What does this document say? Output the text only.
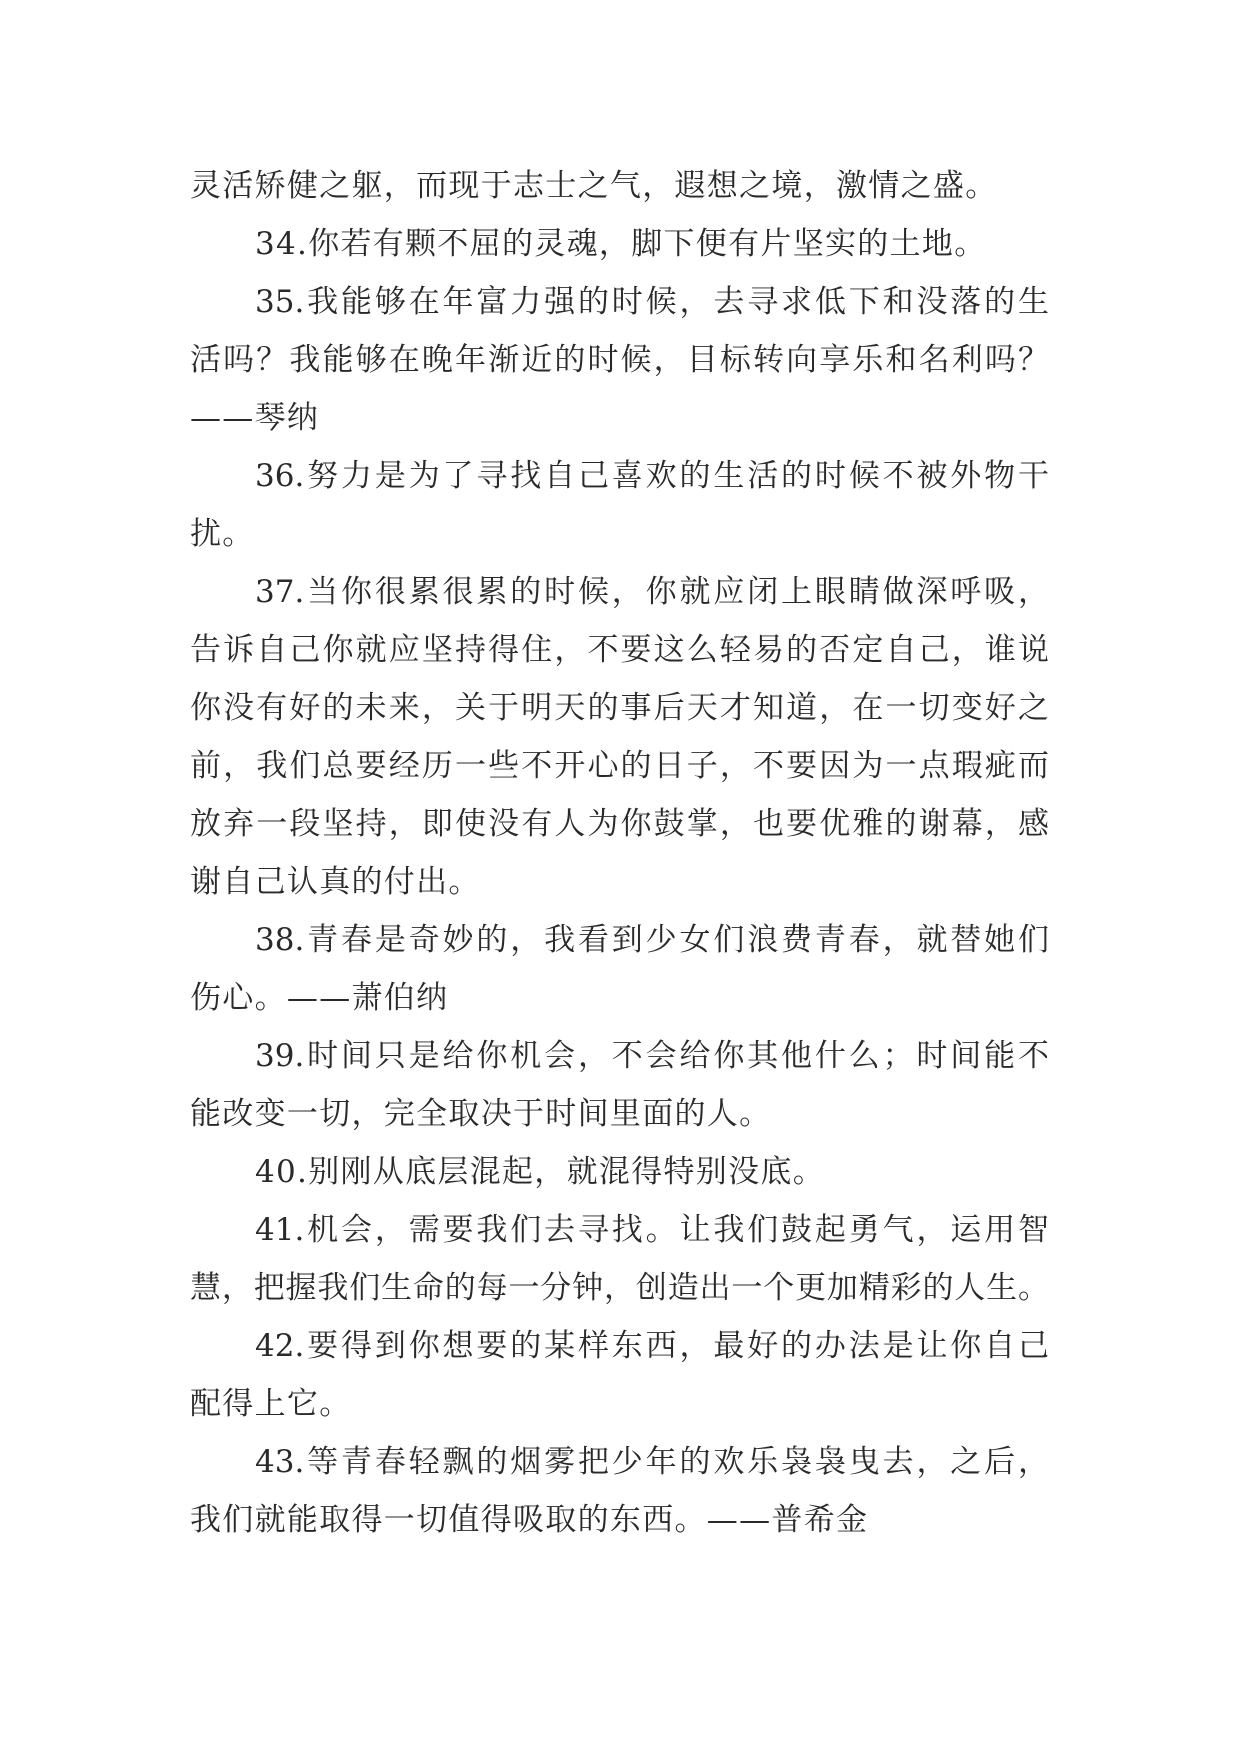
灵活矫健之躯，而现于志士之气，遐想之境，激情之盛。
34.你若有颗不屈的灵魂，脚下便有片坚实的土地。
35.我能够在年富力强的时候，去寻求低下和没落的生
活吗？我能够在晚年渐近的时候，目标转向享乐和名利吗？
——琴纳
36.努力是为了寻找自己喜欢的生活的时候不被外物干
扰。
37.当你很累很累的时候，你就应闭上眼睛做深呼吸，
告诉自己你就应坚持得住，不要这么轻易的否定自己，谁说
你没有好的未来，关于明天的事后天才知道，在一切变好之
前，我们总要经历一些不开心的日子，不要因为一点瑕疵而
放弃一段坚持，即使没有人为你鼓掌，也要优雅的谢幕，感
谢自己认真的付出。
38.青春是奇妙的，我看到少女们浪费青春，就替她们
伤心。——萧伯纳
39.时间只是给你机会，不会给你其他什么；时间能不
能改变一切，完全取决于时间里面的人。
40.别刚从底层混起，就混得特别没底。
41.机会，需要我们去寻找。让我们鼓起勇气，运用智
慧，把握我们生命的每一分钟，创造出一个更加精彩的人生。
42.要得到你想要的某样东西，最好的办法是让你自己
配得上它。
43.等青春轻飘的烟雾把少年的欢乐袅袅曳去，之后，
我们就能取得一切值得吸取的东西。——普希金
